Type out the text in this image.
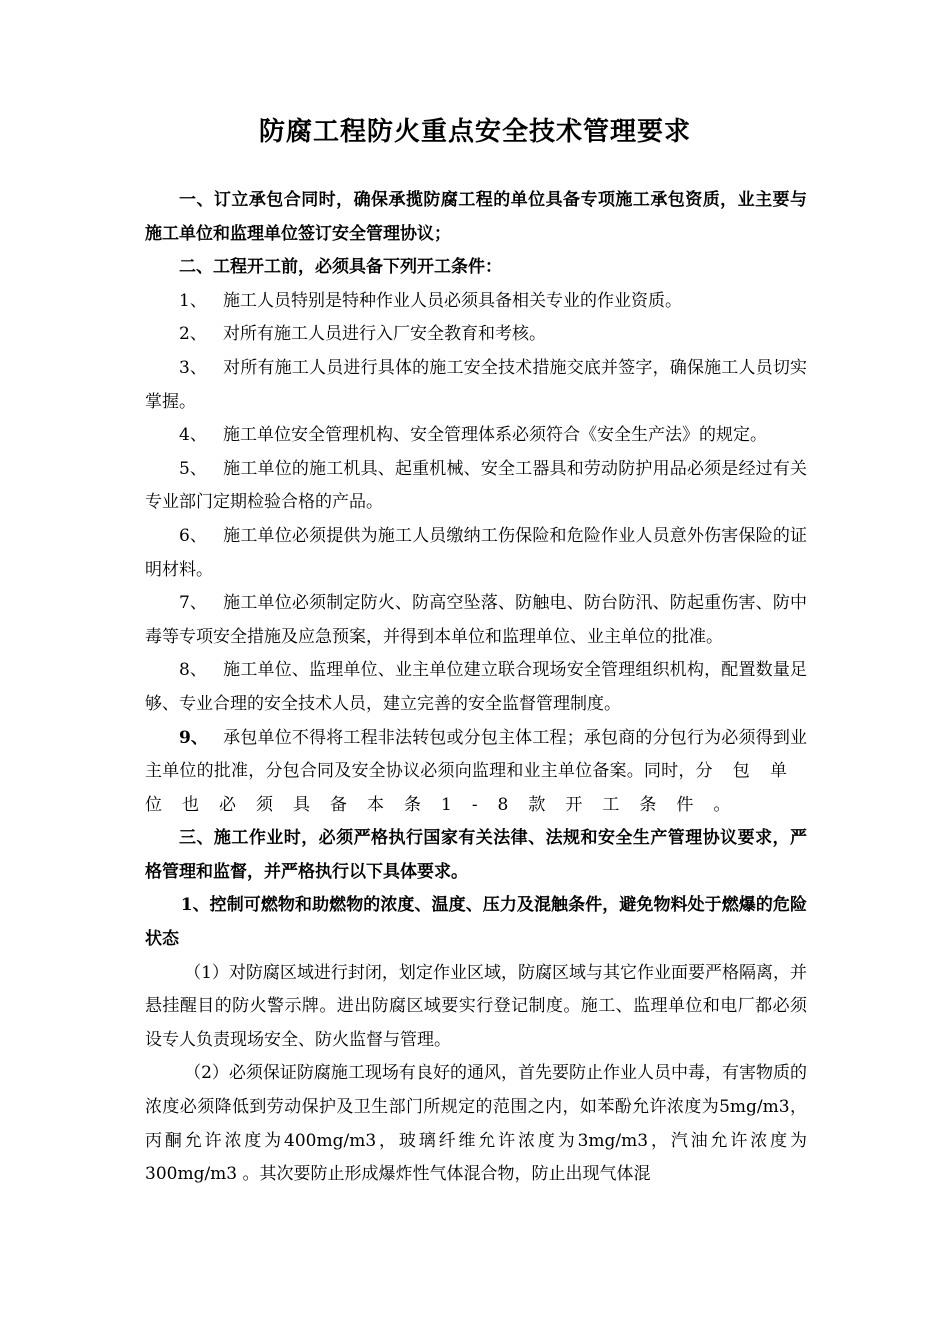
防腐工程防火重点安全技术管理要求

一、订立承包合同时，确保承揽防腐工程的单位具备专项施工承包资质，业主要与施工单位和监理单位签订安全管理协议；

二、工程开工前，必须具备下列开工条件：

1、 施工人员特别是特种作业人员必须具备相关专业的作业资质。

2、 对所有施工人员进行入厂安全教育和考核。

3、 对所有施工人员进行具体的施工安全技术措施交底并签字，确保施工人员切实掌握。

4、 施工单位安全管理机构、安全管理体系必须符合《安全生产法》的规定。

5、 施工单位的施工机具、起重机械、安全工器具和劳动防护用品必须是经过有关专业部门定期检验合格的产品。

6、 施工单位必须提供为施工人员缴纳工伤保险和危险作业人员意外伤害保险的证明材料。

7、 施工单位必须制定防火、防高空坠落、防触电、防台防汛、防起重伤害、防中毒等专项安全措施及应急预案，并得到本单位和监理单位、业主单位的批准。

8、 施工单位、监理单位、业主单位建立联合现场安全管理组织机构，配置数量足够、专业合理的安全技术人员，建立完善的安全监督管理制度。

9、 承包单位不得将工程非法转包或分包主体工程；承包商的分包行为必须得到业主单位的批准，分包合同及安全协议必须向监理和业主单位备案。同时，分包单位也必须具备本条1-8款开工条件。

三、施工作业时，必须严格执行国家有关法律、法规和安全生产管理协议要求，严格管理和监督，并严格执行以下具体要求。

1、控制可燃物和助燃物的浓度、温度、压力及混触条件，避免物料处于燃爆的危险状态

（1）对防腐区域进行封闭，划定作业区域，防腐区域与其它作业面要严格隔离，并悬挂醒目的防火警示牌。进出防腐区域要实行登记制度。施工、监理单位和电厂都必须设专人负责现场安全、防火监督与管理。

（2）必须保证防腐施工现场有良好的通风，首先要防止作业人员中毒，有害物质的浓度必须降低到劳动保护及卫生部门所规定的范围之内，如苯酚允许浓度为5mg/m3，丙酮允许浓度为400mg/m3，玻璃纤维允许浓度为3mg/m3，汽油允许浓度为300mg/m3 。其次要防止形成爆炸性气体混合物，防止出现气体混
